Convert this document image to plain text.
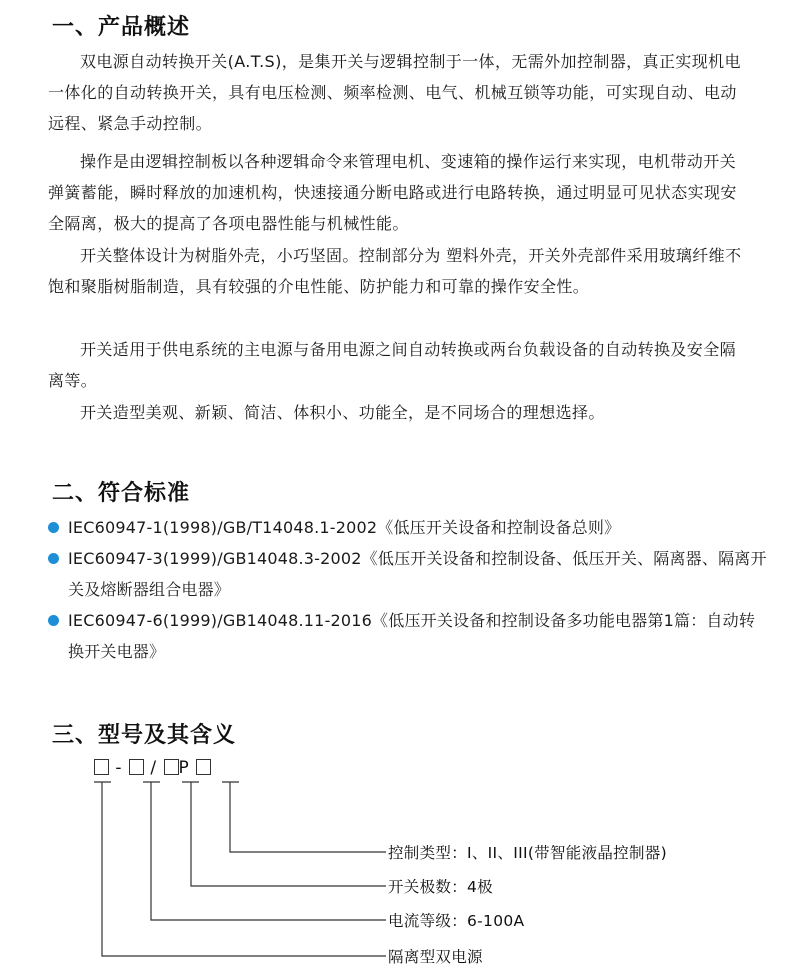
一、产品概述

双电源自动转换开关(A.T.S)，是集开关与逻辑控制于一体，无需外加控制器，真正实现机电一体化的自动转换开关，具有电压检测、频率检测、电气、机械互锁等功能，可实现自动、电动远程、紧急手动控制。

操作是由逻辑控制板以各种逻辑命令来管理电机、变速箱的操作运行来实现，电机带动开关弹簧蓄能，瞬时释放的加速机构，快速接通分断电路或进行电路转换，通过明显可见状态实现安全隔离，极大的提高了各项电器性能与机械性能。

开关整体设计为树脂外壳，小巧坚固。控制部分为 塑料外壳，开关外壳部件采用玻璃纤维不饱和聚脂树脂制造，具有较强的介电性能、防护能力和可靠的操作安全性。

开关适用于供电系统的主电源与备用电源之间自动转换或两台负载设备的自动转换及安全隔离等。

开关造型美观、新颖、简洁、体积小、功能全，是不同场合的理想选择。

二、符合标准
IEC60947-1(1998)/GB/T14048.1-2002《低压开关设备和控制设备总则》
IEC60947-3(1999)/GB14048.3-2002《低压开关设备和控制设备、低压开关、隔离器、隔离开关及熔断器组合电器》
IEC60947-6(1999)/GB14048.11-2016《低压开关设备和控制设备多功能电器第1篇：自动转换开关电器》
三、型号及其含义
- / P
控制类型：I、II、III(带智能液晶控制器)
开关极数：4极
电流等级：6-100A
隔离型双电源
